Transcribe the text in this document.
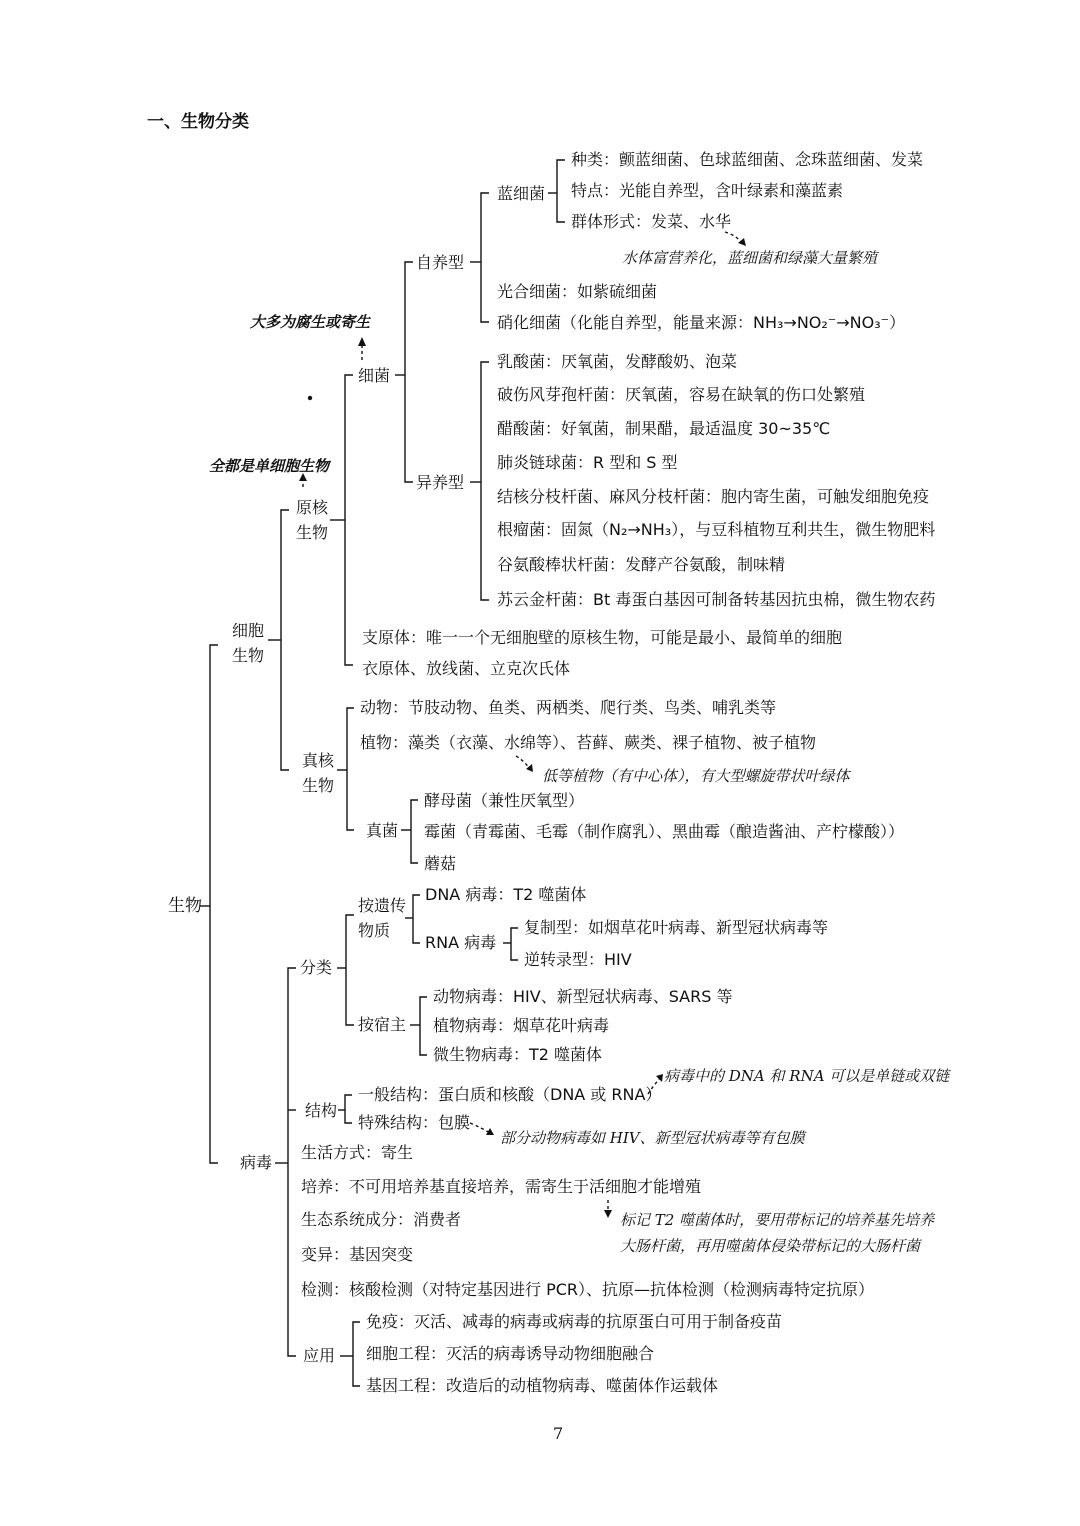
一、生物分类
生物
细胞
生物
原核
生物
细菌
自养型
蓝细菌
种类：颤蓝细菌、色球蓝细菌、念珠蓝细菌、发菜
特点：光能自养型，含叶绿素和藻蓝素
群体形式：发菜、水华
水体富营养化，蓝细菌和绿藻大量繁殖
光合细菌：如紫硫细菌
硝化细菌（化能自养型，能量来源：NH₃→NO₂⁻→NO₃⁻）
大多为腐生或寄生
全都是单细胞生物
异养型
乳酸菌：厌氧菌，发酵酸奶、泡菜
破伤风芽孢杆菌：厌氧菌，容易在缺氧的伤口处繁殖
醋酸菌：好氧菌，制果醋，最适温度 30~35℃
肺炎链球菌：R 型和 S 型
结核分枝杆菌、麻风分枝杆菌：胞内寄生菌，可触发细胞免疫
根瘤菌：固氮（N₂→NH₃），与豆科植物互利共生，微生物肥料
谷氨酸棒状杆菌：发酵产谷氨酸，制味精
苏云金杆菌：Bt 毒蛋白基因可制备转基因抗虫棉，微生物农药
支原体：唯一一个无细胞壁的原核生物，可能是最小、最简单的细胞
衣原体、放线菌、立克次氏体
真核
生物
动物：节肢动物、鱼类、两栖类、爬行类、鸟类、哺乳类等
植物：藻类（衣藻、水绵等）、苔藓、蕨类、裸子植物、被子植物
低等植物（有中心体），有大型螺旋带状叶绿体
真菌
酵母菌（兼性厌氧型）
霉菌（青霉菌、毛霉（制作腐乳）、黑曲霉（酿造酱油、产柠檬酸））
蘑菇
病毒
分类
按遗传
物质
DNA 病毒：T2 噬菌体
RNA 病毒
复制型：如烟草花叶病毒、新型冠状病毒等
逆转录型：HIV
按宿主
动物病毒：HIV、新型冠状病毒、SARS 等
植物病毒：烟草花叶病毒
微生物病毒：T2 噬菌体
结构
一般结构：蛋白质和核酸（DNA 或 RNA）
病毒中的 DNA 和 RNA 可以是单链或双链
特殊结构：包膜
部分动物病毒如 HIV、新型冠状病毒等有包膜
生活方式：寄生
培养：不可用培养基直接培养，需寄生于活细胞才能增殖
标记 T2 噬菌体时，要用带标记的培养基先培养
大肠杆菌，再用噬菌体侵染带标记的大肠杆菌
生态系统成分：消费者
变异：基因突变
检测：核酸检测（对特定基因进行 PCR）、抗原—抗体检测（检测病毒特定抗原）
应用
免疫：灭活、减毒的病毒或病毒的抗原蛋白可用于制备疫苗
细胞工程：灭活的病毒诱导动物细胞融合
基因工程：改造后的动植物病毒、噬菌体作运载体
7
